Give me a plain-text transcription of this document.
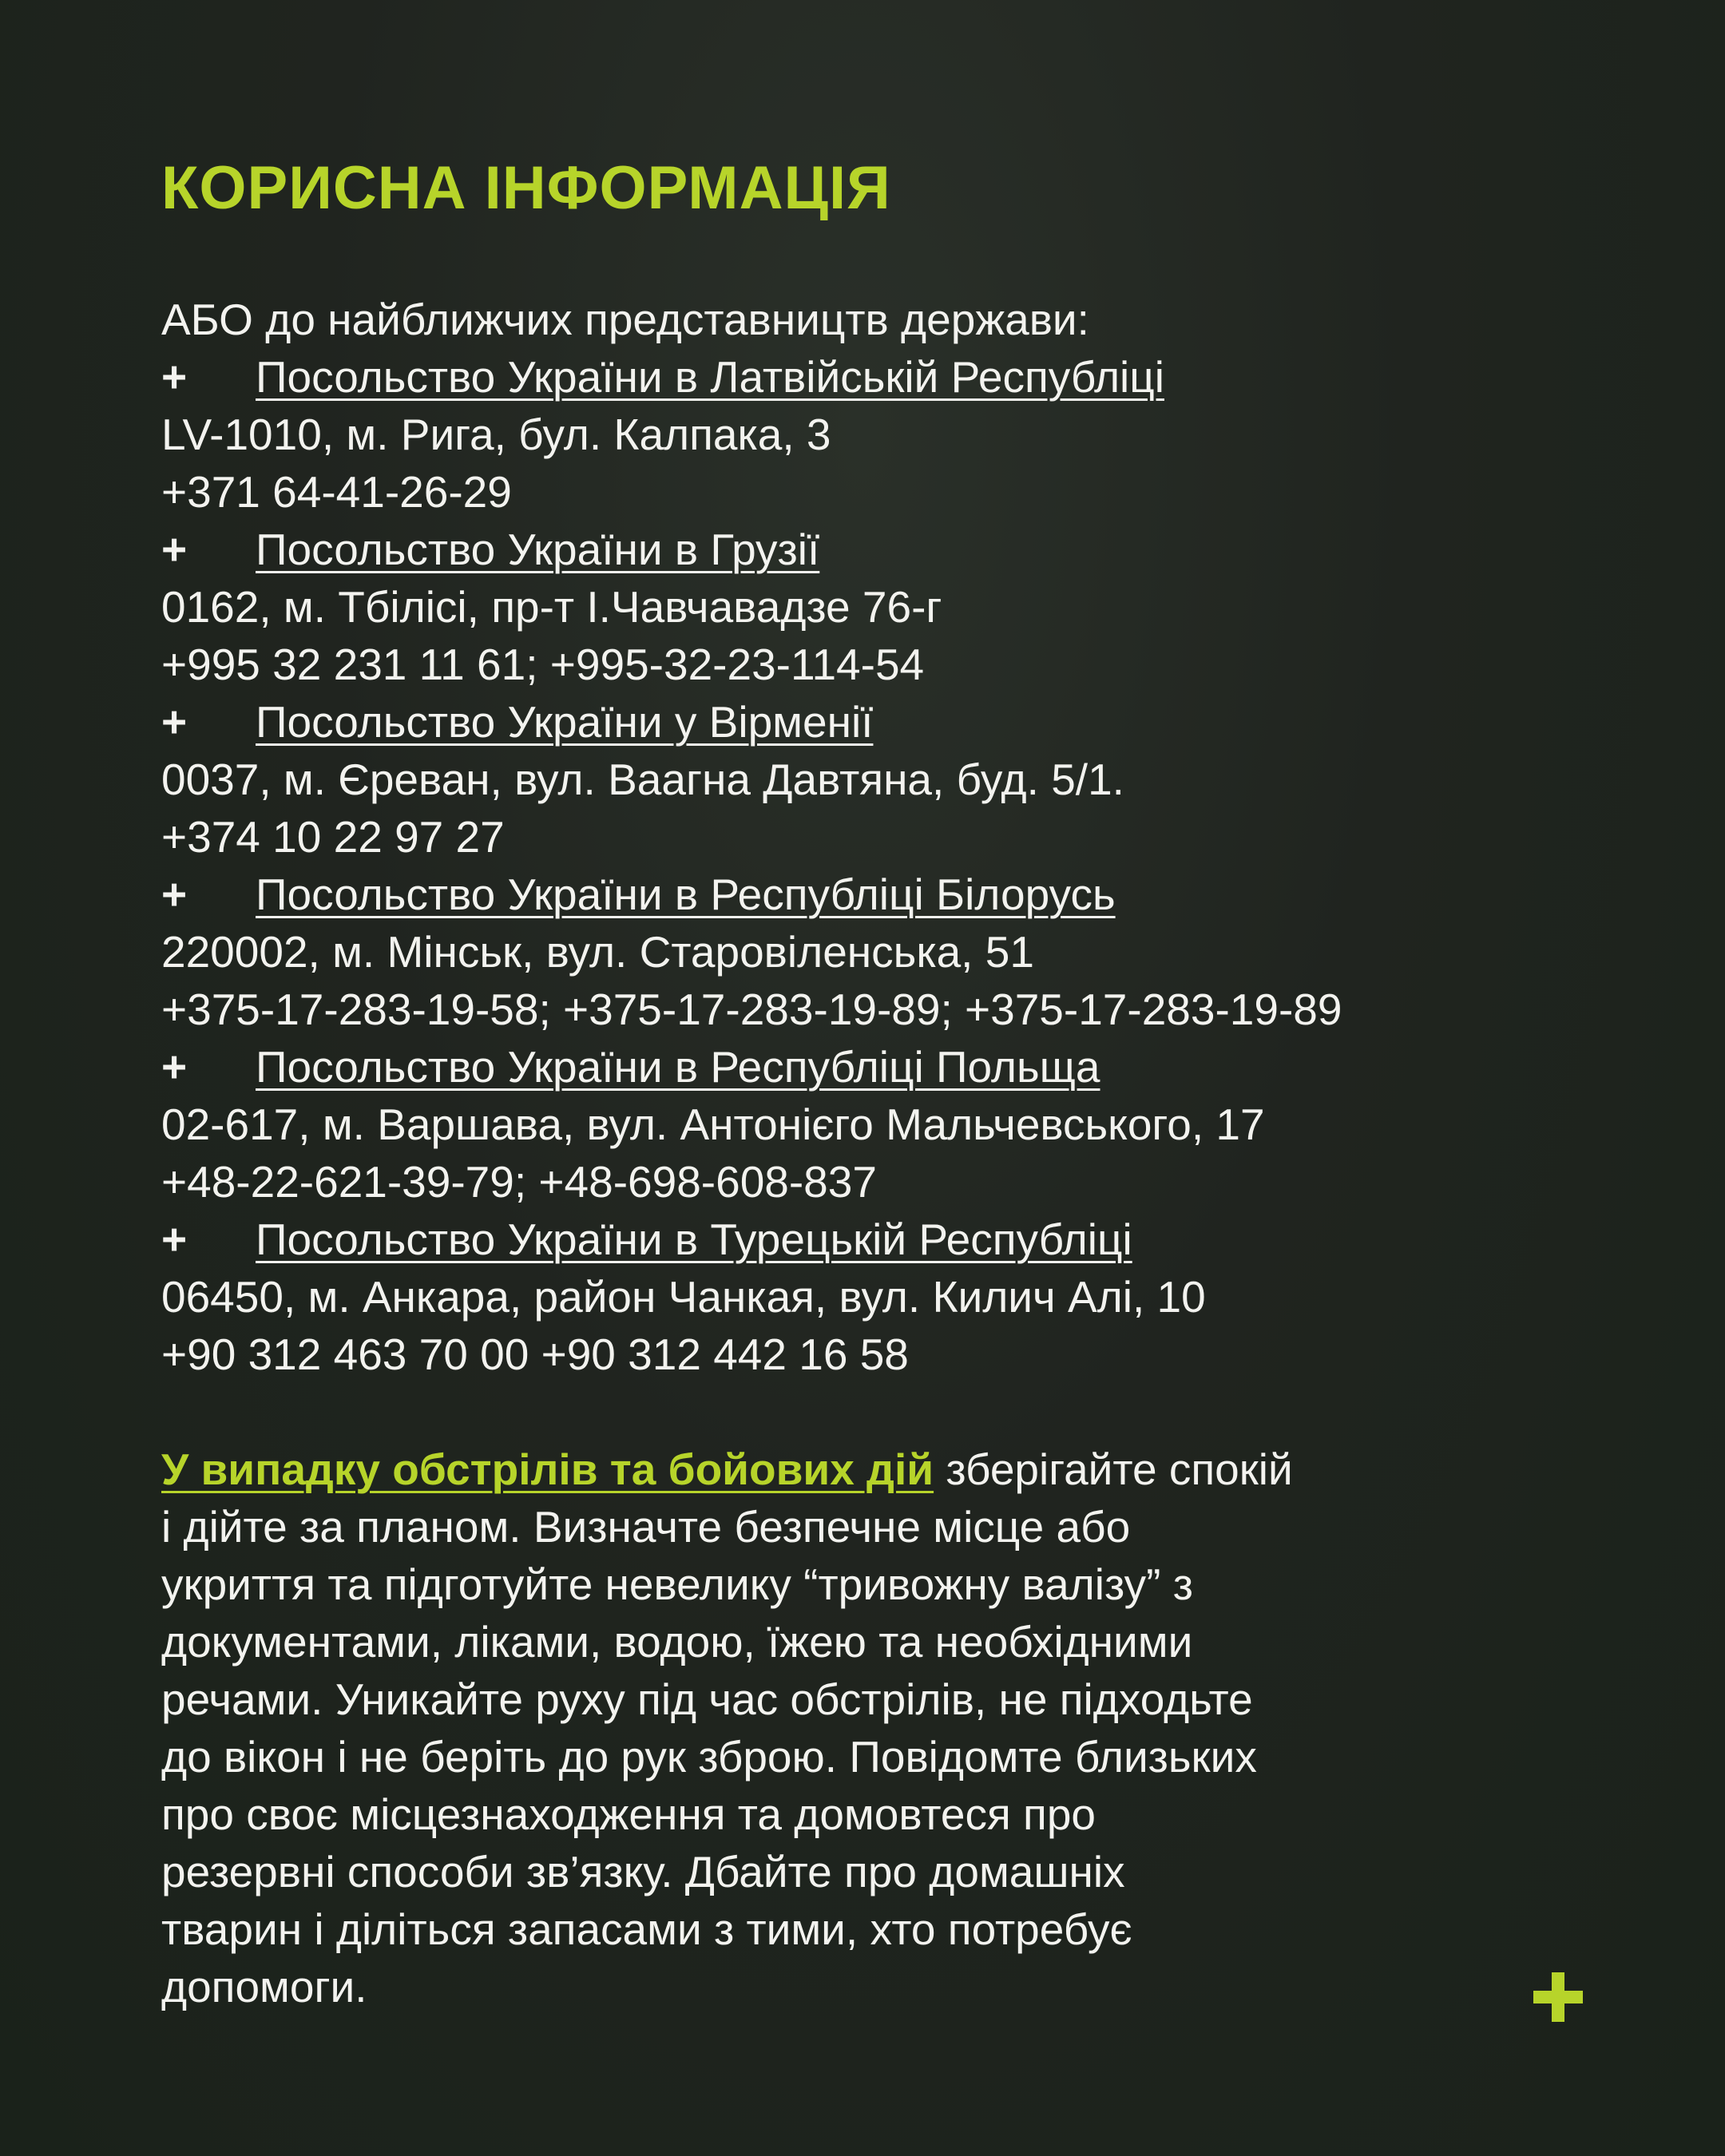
КОРИСНА ІНФОРМАЦІЯ
АБО до найближчих представництв держави:
+ Посольство України в Латвійській Республіці
LV-1010, м. Рига, бул. Калпака, 3
+371 64-41-26-29
+ Посольство України в Грузії
0162, м. Тбілісі, пр-т І.Чавчавадзе 76-г
+995 32 231 11 61; +995-32-23-114-54
+ Посольство України у Вірменії
0037, м. Єреван, вул. Ваагна Давтяна, буд. 5/1.
+374 10 22 97 27
+ Посольство України в Республіці Білорусь
220002, м. Мінськ, вул. Старовіленська, 51
+375-17-283-19-58; +375-17-283-19-89; +375-17-283-19-89
+ Посольство України в Республіці Польща
02-617, м. Варшава, вул. Антонієго Мальчевського, 17
+48-22-621-39-79; +48-698-608-837
+ Посольство України в Турецькій Республіці
06450, м. Анкара, район Чанкая, вул. Килич Алі, 10
+90 312 463 70 00 +90 312 442 16 58
У випадку обстрілів та бойових дій зберігайте спокій
і дійте за планом. Визначте безпечне місце або
укриття та підготуйте невелику “тривожну валізу” з
документами, ліками, водою, їжею та необхідними
речами. Уникайте руху під час обстрілів, не підходьте
до вікон і не беріть до рук зброю. Повідомте близьких
про своє місцезнаходження та домовтеся про
резервні способи зв’язку. Дбайте про домашніх
тварин і діліться запасами з тими, хто потребує
допомоги.
